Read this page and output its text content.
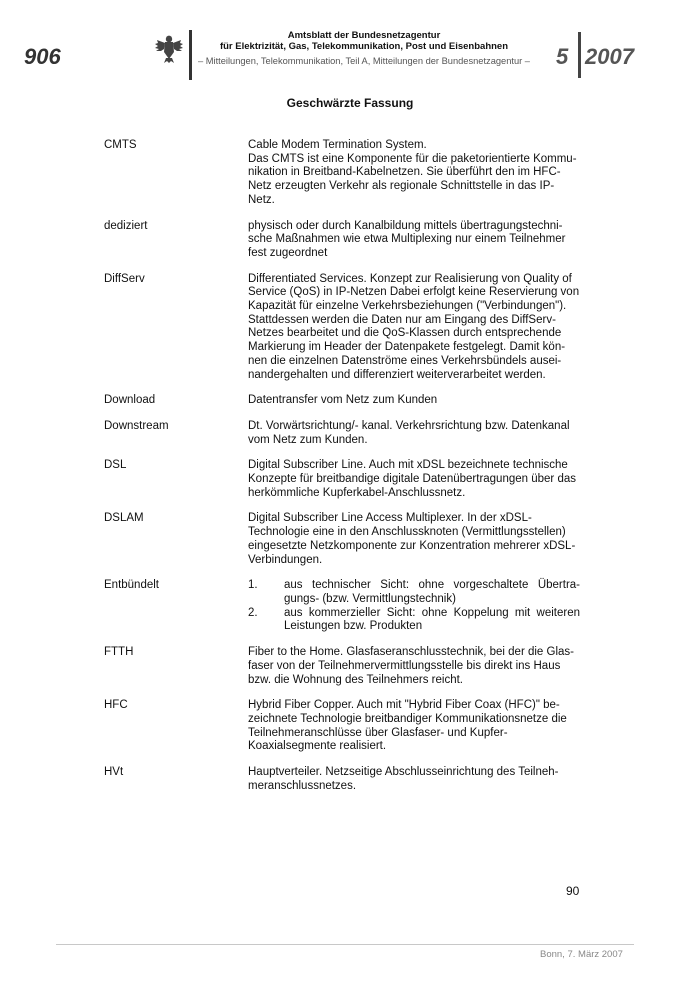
906
Amtsblatt der Bundesnetzagentur
für Elektrizität, Gas, Telekommunikation, Post und Eisenbahnen
– Mitteilungen, Telekommunikation, Teil A, Mitteilungen der Bundesnetzagentur – 5 2007
Geschwärzte Fassung
CMTS	Cable Modem Termination System.
Das CMTS ist eine Komponente für die paketorientierte Kommu-
nikation in Breitband-Kabelnetzen. Sie überführt den im HFC-
Netz erzeugten Verkehr als regionale Schnittstelle in das IP-
Netz.
dediziert	physisch oder durch Kanalbildung mittels übertragungstechni-
sche Maßnahmen wie etwa Multiplexing nur einem Teilnehmer
fest zugeordnet
DiffServ	Differentiated Services. Konzept zur Realisierung von Quality of
Service (QoS) in IP-Netzen Dabei erfolgt keine Reservierung von
Kapazität für einzelne Verkehrsbeziehungen ("Verbindungen").
Stattdessen werden die Daten nur am Eingang des DiffServ-
Netzes bearbeitet und die QoS-Klassen durch entsprechende
Markierung im Header der Datenpakete festgelegt. Damit kön-
nen die einzelnen Datenströme eines Verkehrsbündels ausei-
nandergehalten und differenziert weiterverarbeitet werden.
Download	Datentransfer vom Netz zum Kunden
Downstream	Dt. Vorwärtsrichtung/- kanal. Verkehrsrichtung bzw. Datenkanal
vom Netz zum Kunden.
DSL	Digital Subscriber Line. Auch mit xDSL bezeichnete technische
Konzepte für breitbandige digitale Datenübertragungen über das
herkömmliche Kupferkabel-Anschlussnetz.
DSLAM	Digital Subscriber Line Access Multiplexer. In der xDSL-
Technologie eine in den Anschlussknoten (Vermittlungsstellen)
eingesetzte Netzkomponente zur Konzentration mehrerer xDSL-
Verbindungen.
Entbündelt	1.	aus technischer Sicht: ohne vorgeschaltete Übertra-gungs- (bzw. Vermittlungstechnik)
2.	aus kommerzieller Sicht: ohne Koppelung mit weiteren Leistungen bzw. Produkten
FTTH	Fiber to the Home. Glasfaseranschlusstechnik, bei der die Glas-
faser von der Teilnehmervermittlungsstelle bis direkt ins Haus
bzw. die Wohnung des Teilnehmers reicht.
HFC	Hybrid Fiber Copper. Auch mit "Hybrid Fiber Coax (HFC)" be-
zeichnete Technologie breitbandiger Kommunikationsnetze die
Teilnehmeranschlüsse über Glasfaser- und Kupfer-
Koaxialsegmente realisiert.
HVt	Hauptverteiler. Netzseitige Abschlusseinrichtung des Teilneh-
meranschlussnetzes.
90
Bonn, 7. März 2007
